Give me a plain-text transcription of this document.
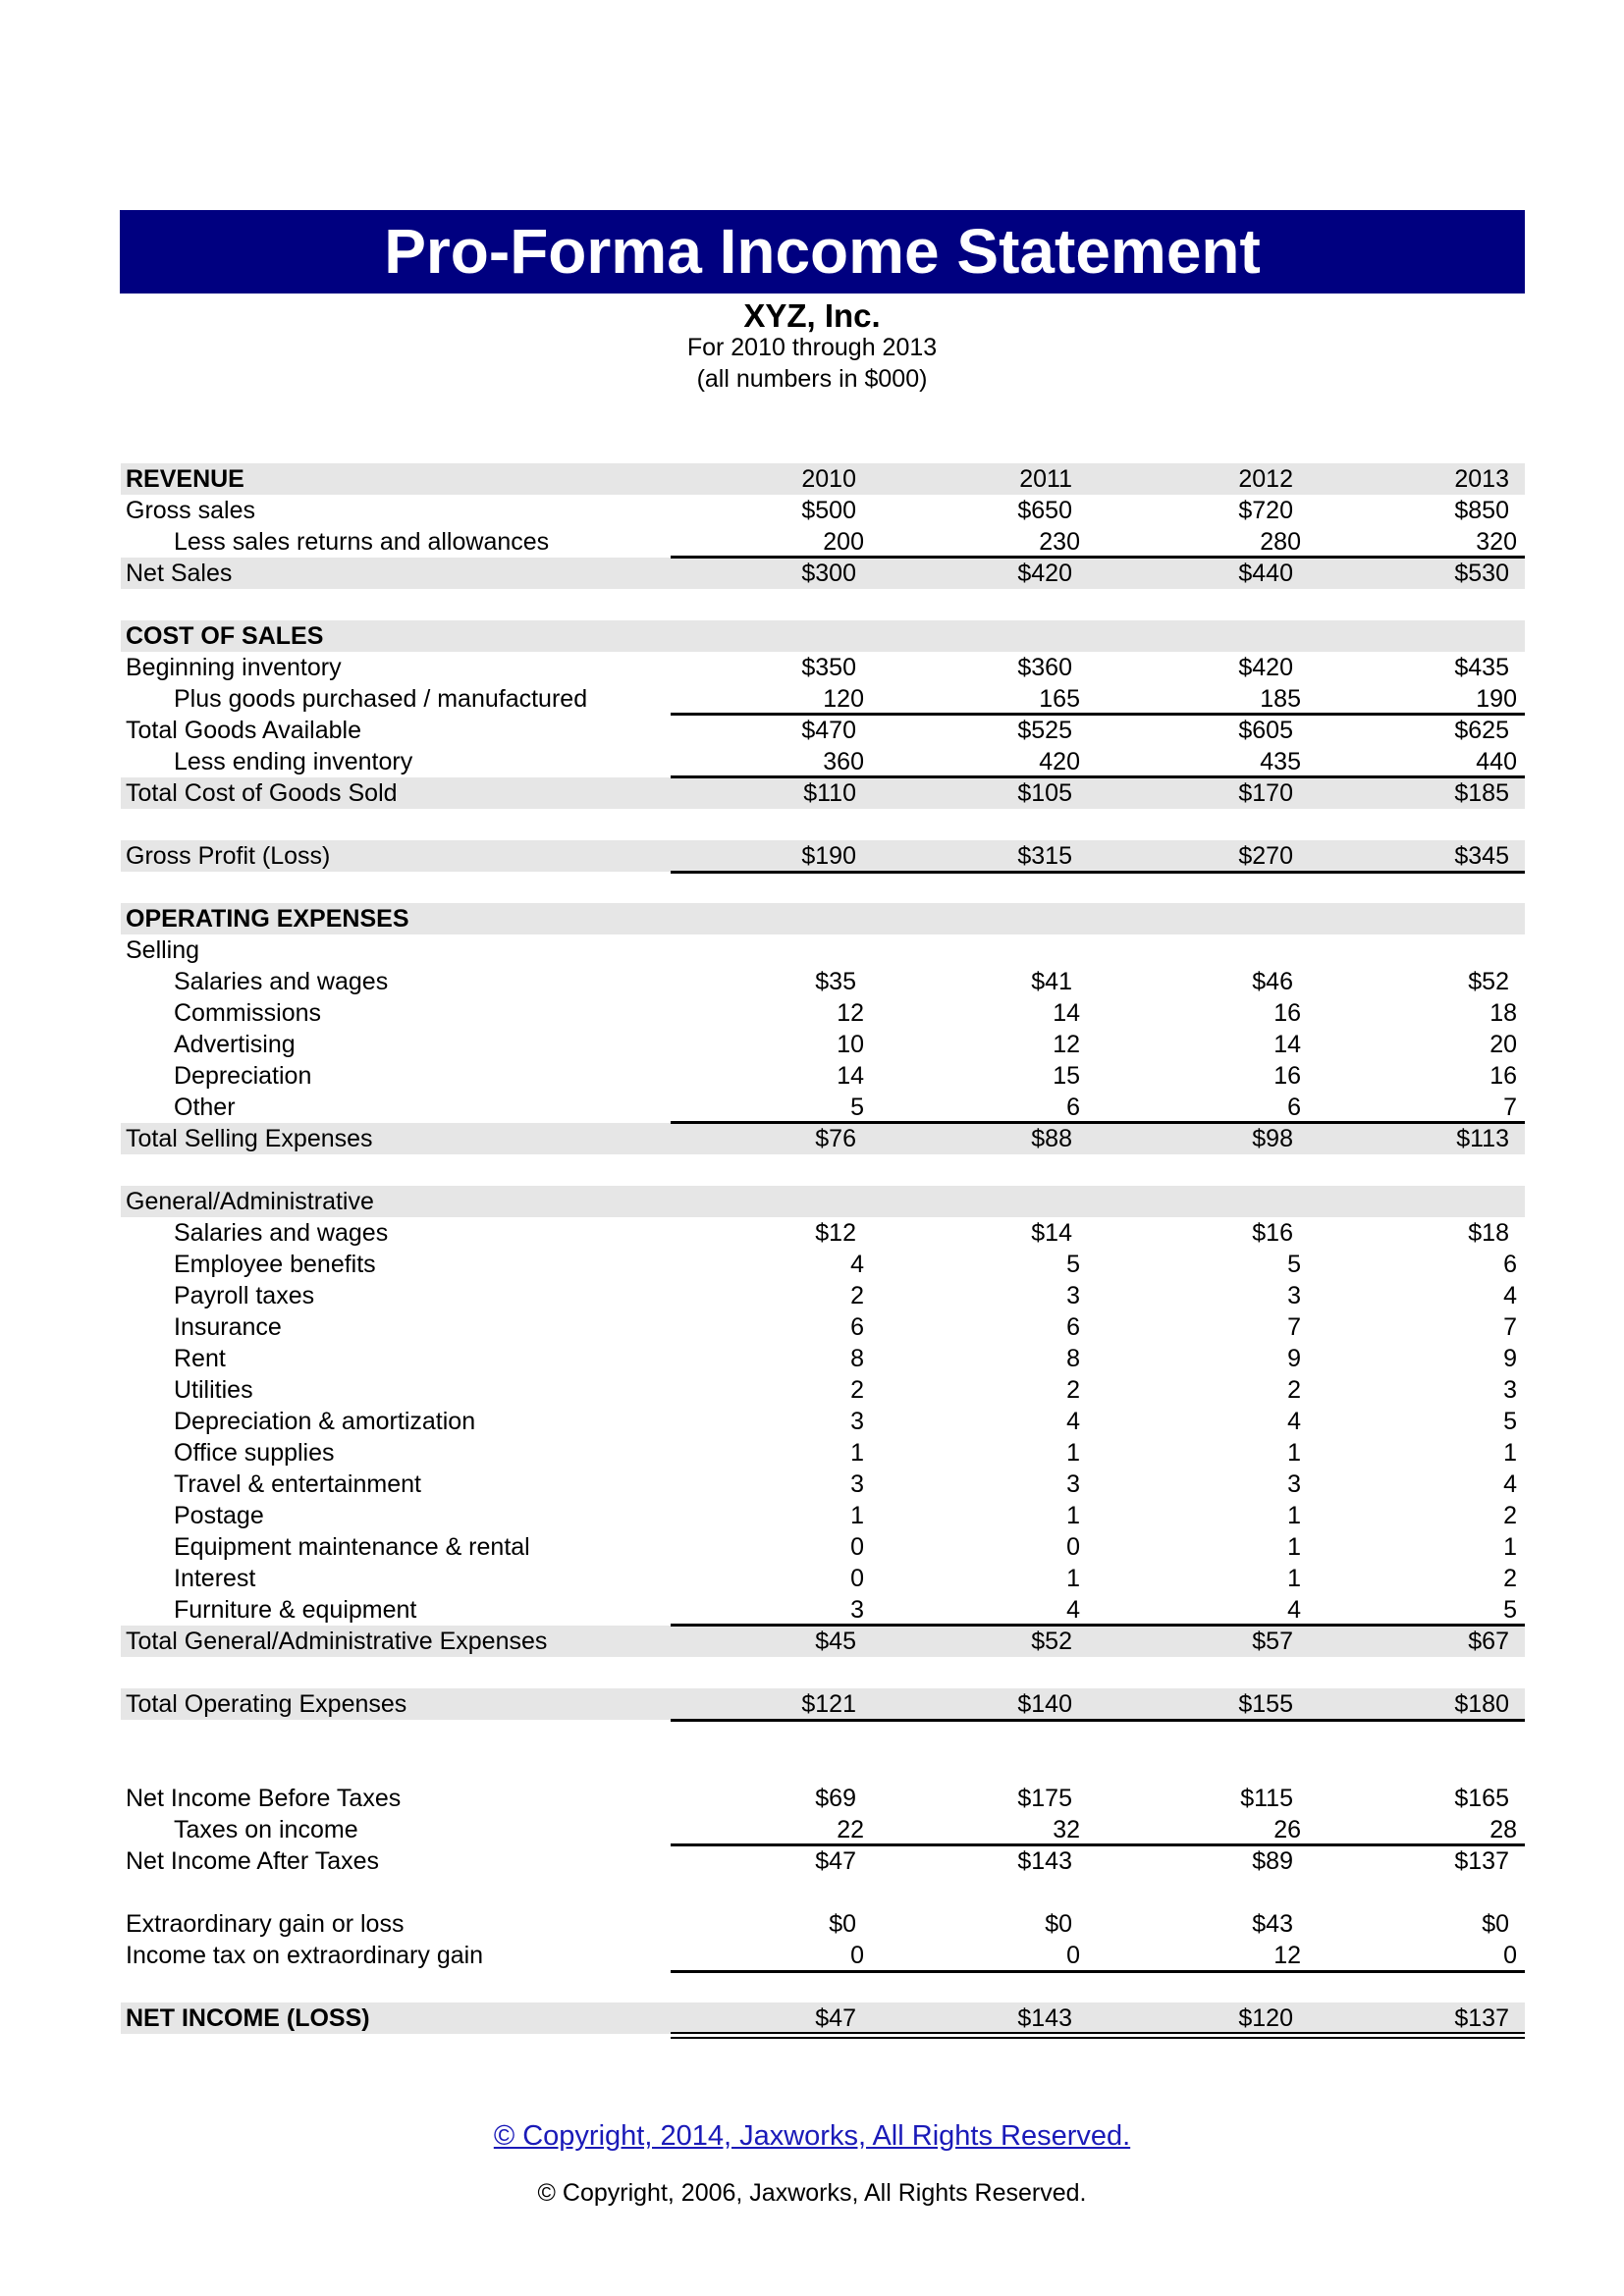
Pro-Forma Income Statement
XYZ, Inc.
For 2010 through 2013
(all numbers in $000)
REVENUE	2010	2011	2012	2013
Gross sales	$500	$650	$720	$850
Less sales returns and allowances	200	230	280	320
Net Sales	$300	$420	$440	$530
COST OF SALES
Beginning inventory	$350	$360	$420	$435
Plus goods purchased / manufactured	120	165	185	190
Total Goods Available	$470	$525	$605	$625
Less ending inventory	360	420	435	440
Total Cost of Goods Sold	$110	$105	$170	$185
Gross Profit (Loss)	$190	$315	$270	$345
OPERATING EXPENSES
Selling
Salaries and wages	$35	$41	$46	$52
Commissions	12	14	16	18
Advertising	10	12	14	20
Depreciation	14	15	16	16
Other	5	6	6	7
Total Selling Expenses	$76	$88	$98	$113
General/Administrative
Salaries and wages	$12	$14	$16	$18
Employee benefits	4	5	5	6
Payroll taxes	2	3	3	4
Insurance	6	6	7	7
Rent	8	8	9	9
Utilities	2	2	2	3
Depreciation & amortization	3	4	4	5
Office supplies	1	1	1	1
Travel & entertainment	3	3	3	4
Postage	1	1	1	2
Equipment maintenance & rental	0	0	1	1
Interest	0	1	1	2
Furniture & equipment	3	4	4	5
Total General/Administrative Expenses	$45	$52	$57	$67
Total Operating Expenses	$121	$140	$155	$180
Net Income Before Taxes	$69	$175	$115	$165
Taxes on income	22	32	26	28
Net Income After Taxes	$47	$143	$89	$137
Extraordinary gain or loss	$0	$0	$43	$0
Income tax on extraordinary gain	0	0	12	0
NET INCOME (LOSS)	$47	$143	$120	$137
© Copyright, 2014, Jaxworks, All Rights Reserved.
© Copyright, 2006, Jaxworks, All Rights Reserved.
